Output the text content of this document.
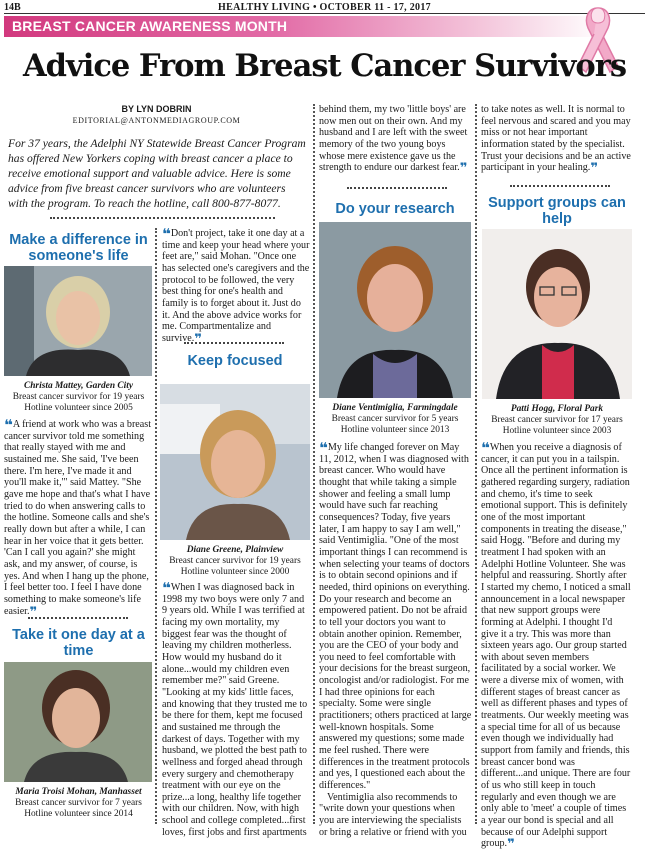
14B	HEALTHY LIVING • OCTOBER 11 - 17, 2017
BREAST CANCER AWARENESS MONTH
Advice From Breast Cancer Survivors
BY LYN DOBRIN
EDITORIAL@ANTONMEDIAGROUP.COM
For 37 years, the Adelphi NY Statewide Breast Cancer Program has offered New Yorkers coping with breast cancer a place to receive emotional support and valuable advice. Here is some advice from five breast cancer survivors who are volunteers with the program. To reach the hotline, call 800-877-8077.
Make a difference in someone's life
Christa Mattey, Garden City
Breast cancer survivor for 19 years
Hotline volunteer since 2005
❝A friend at work who was a breast cancer survivor told me something that really stayed with me and sustained me. She said, 'I've been there. I'm here, I've made it and you'll make it,'" said Mattey. "She gave me hope and that's what I have tried to do when answering calls to the hotline. Someone calls and she's really down but after a while, I can hear in her voice that it gets better. 'Can I call you again?' she might ask, and my answer, of course, is yes. And when I hang up the phone, I feel better too. I feel I have done something to make someone's life easier.❞
Take it one day at a time
Maria Troisi Mohan, Manhasset
Breast cancer survivor for 7 years
Hotline volunteer since 2014
❝Don't project, take it one day at a time and keep your head where your feet are," said Mohan. "Once one has selected one's caregivers and the protocol to be followed, the very best thing for one's health and family is to forget about it. Just do it. And the above advice works for me. Compartmentalize and survive.❞
Keep focused
Diane Greene, Plainview
Breast cancer survivor for 19 years
Hotline volunteer since 2000
❝When I was diagnosed back in 1998 my two boys were only 7 and 9 years old. While I was terrified at facing my own mortality, my biggest fear was the thought of leaving my children motherless. How would my husband do it alone...would my children even remember me?" said Greene. "Looking at my kids' little faces, and knowing that they trusted me to be there for them, kept me focused and sustained me through the darkest of days. Together with my husband, we plotted the best path to wellness and forged ahead through every surgery and chemotherapy treatment with our eye on the prize...a long, healthy life together with our children. Now, with high school and college completed...first loves, first jobs and first apartments
behind them, my two 'little boys' are now men out on their own. And my husband and I are left with the sweet memory of the two young boys whose mere existence gave us the strength to endure our darkest fear.❞
Do your research
Diane Ventimiglia, Farmingdale
Breast cancer survivor for 5 years
Hotline volunteer since 2013
❝My life changed forever on May 11, 2012, when I was diagnosed with breast cancer. Who would have thought that while taking a simple shower and feeling a small lump would have such far reaching consequences? Today, five years later, I am happy to say I am well," said Ventimiglia. "One of the most important things I can recommend is when selecting your teams of doctors is to obtain second opinions and if needed, third opinions on everything. Do your research and become an empowered patient. Do not be afraid to tell your doctors you want to obtain another opinion. Remember, you are the CEO of your body and you need to feel comfortable with your decisions for the breast surgeon, oncologist and/or radiologist. For me I had three opinions for each specialty. Some were single practitioners; others practiced at large well-known hospitals. Some answered my questions; some made me feel rushed. There were differences in the treatment protocols and yes, I questioned each about the differences."
Ventimiglia also recommends to "write down your questions when you are interviewing the specialists or bring a relative or friend with you
to take notes as well. It is normal to feel nervous and scared and you may miss or not hear important information stated by the specialist. Trust your decisions and be an active participant in your healing.❞
Support groups can help
Patti Hogg, Floral Park
Breast cancer survivor for 17 years
Hotline volunteer since 2003
❝When you receive a diagnosis of cancer, it can put you in a tailspin. Once all the pertinent information is gathered regarding surgery, radiation and chemo, it's time to seek emotional support. This is definitely one of the most important components in treating the disease," said Hogg. "Before and during my treatment I had spoken with an Adelphi Hotline Volunteer. She was helpful and reassuring. Shortly after I started my chemo, I noticed a small announcement in a local newspaper that new support groups were forming at Adelphi. I thought I'd give it a try. This was more than sixteen years ago. Our group started with about seven members facilitated by a social worker. We were a diverse mix of women, with different stages of breast cancer as well as different phases and types of treatments. Our weekly meeting was a special time for all of us because even though we individually had support from family and friends, this breast cancer bond was different...and unique. There are four of us who still keep in touch regularly and even though we are only able to 'meet' a couple of times a year our bond is special and all because of our Adelphi support group.❞
